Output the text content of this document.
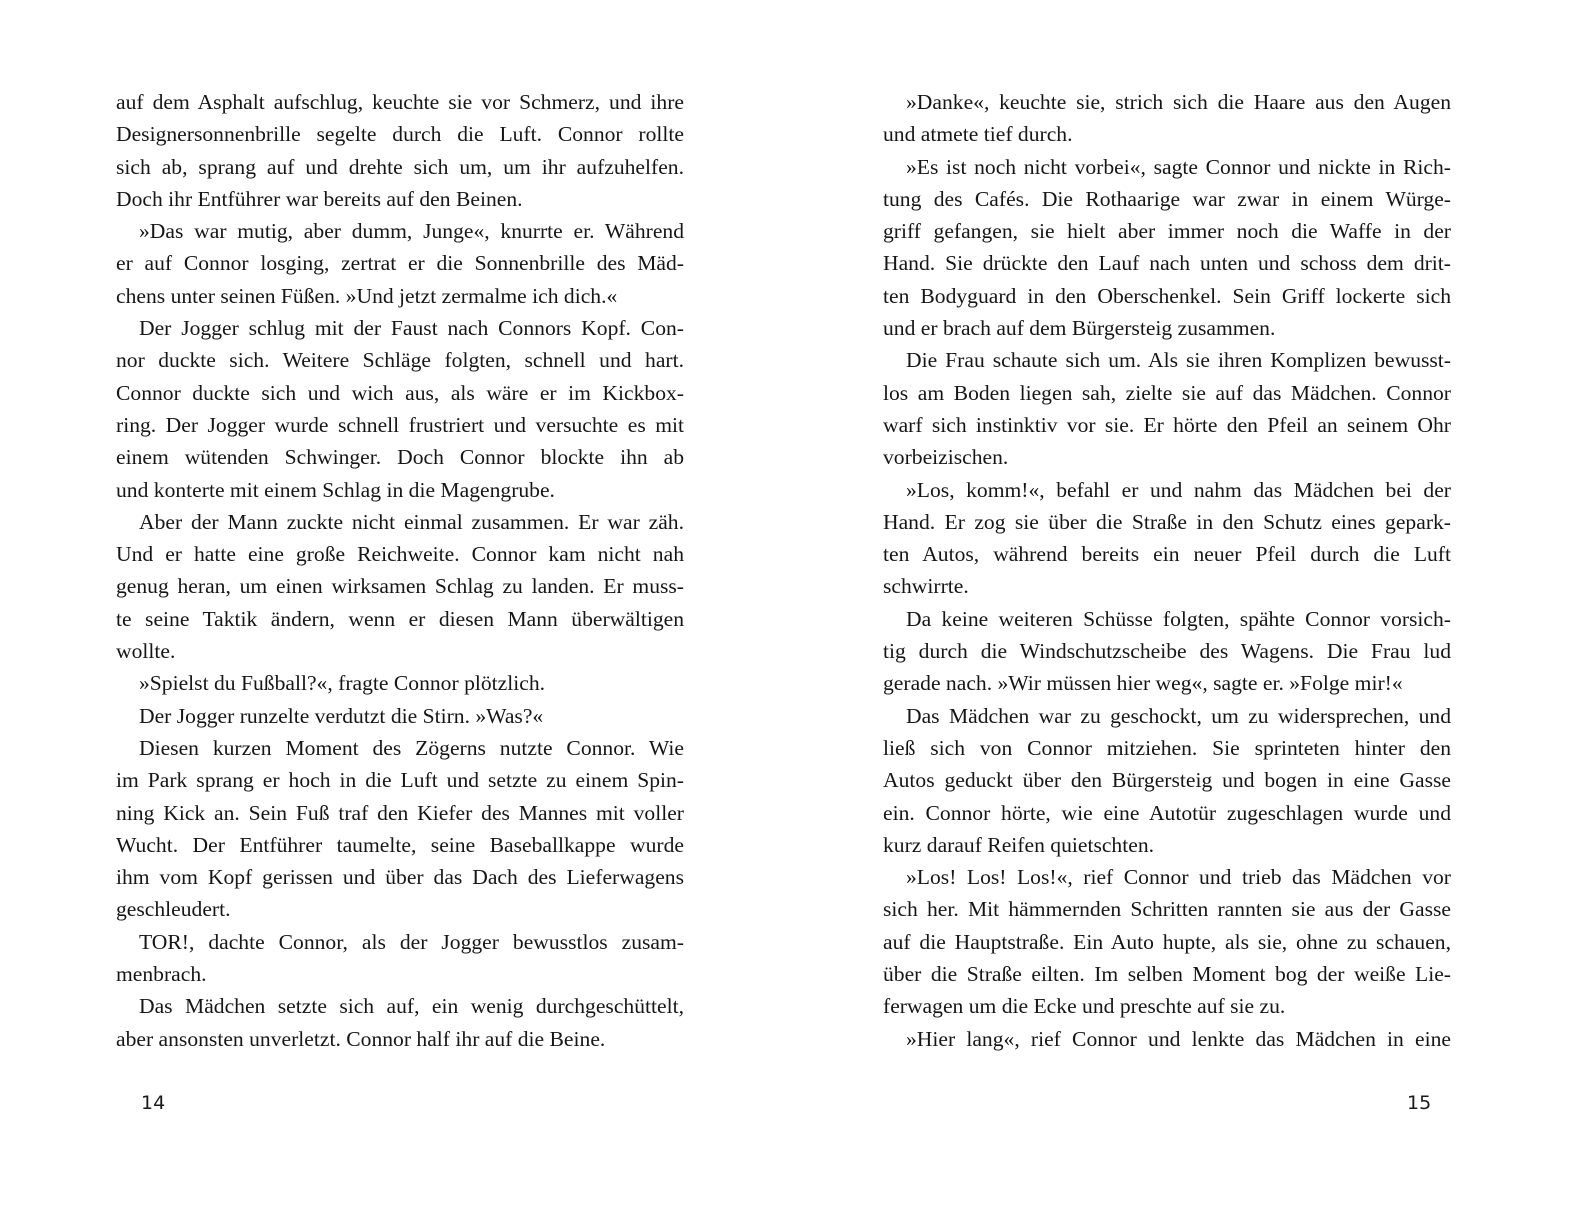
auf dem Asphalt aufschlug, keuchte sie vor Schmerz, und ihre
Designersonnenbrille segelte durch die Luft. Connor rollte
sich ab, sprang auf und drehte sich um, um ihr aufzuhelfen.
Doch ihr Entführer war bereits auf den Beinen.
»Das war mutig, aber dumm, Junge«, knurrte er. Während
er auf Connor losging, zertrat er die Sonnenbrille des Mäd-
chens unter seinen Füßen. »Und jetzt zermalme ich dich.«
Der Jogger schlug mit der Faust nach Connors Kopf. Con-
nor duckte sich. Weitere Schläge folgten, schnell und hart.
Connor duckte sich und wich aus, als wäre er im Kickbox-
ring. Der Jogger wurde schnell frustriert und versuchte es mit
einem wütenden Schwinger. Doch Connor blockte ihn ab
und konterte mit einem Schlag in die Magengrube.
Aber der Mann zuckte nicht einmal zusammen. Er war zäh.
Und er hatte eine große Reichweite. Connor kam nicht nah
genug heran, um einen wirksamen Schlag zu landen. Er muss-
te seine Taktik ändern, wenn er diesen Mann überwältigen
wollte.
»Spielst du Fußball?«, fragte Connor plötzlich.
Der Jogger runzelte verdutzt die Stirn. »Was?«
Diesen kurzen Moment des Zögerns nutzte Connor. Wie
im Park sprang er hoch in die Luft und setzte zu einem Spin-
ning Kick an. Sein Fuß traf den Kiefer des Mannes mit voller
Wucht. Der Entführer taumelte, seine Baseballkappe wurde
ihm vom Kopf gerissen und über das Dach des Lieferwagens
geschleudert.
TOR!, dachte Connor, als der Jogger bewusstlos zusam-
menbrach.
Das Mädchen setzte sich auf, ein wenig durchgeschüttelt,
aber ansonsten unverletzt. Connor half ihr auf die Beine.
»Danke«, keuchte sie, strich sich die Haare aus den Augen
und atmete tief durch.
»Es ist noch nicht vorbei«, sagte Connor und nickte in Rich-
tung des Cafés. Die Rothaarige war zwar in einem Würge-
griff gefangen, sie hielt aber immer noch die Waffe in der
Hand. Sie drückte den Lauf nach unten und schoss dem drit-
ten Bodyguard in den Oberschenkel. Sein Griff lockerte sich
und er brach auf dem Bürgersteig zusammen.
Die Frau schaute sich um. Als sie ihren Komplizen bewusst-
los am Boden liegen sah, zielte sie auf das Mädchen. Connor
warf sich instinktiv vor sie. Er hörte den Pfeil an seinem Ohr
vorbeizischen.
»Los, komm!«, befahl er und nahm das Mädchen bei der
Hand. Er zog sie über die Straße in den Schutz eines gepark-
ten Autos, während bereits ein neuer Pfeil durch die Luft
schwirrte.
Da keine weiteren Schüsse folgten, spähte Connor vorsich-
tig durch die Windschutzscheibe des Wagens. Die Frau lud
gerade nach. »Wir müssen hier weg«, sagte er. »Folge mir!«
Das Mädchen war zu geschockt, um zu widersprechen, und
ließ sich von Connor mitziehen. Sie sprinteten hinter den
Autos geduckt über den Bürgersteig und bogen in eine Gasse
ein. Connor hörte, wie eine Autotür zugeschlagen wurde und
kurz darauf Reifen quietschten.
»Los! Los! Los!«, rief Connor und trieb das Mädchen vor
sich her. Mit hämmernden Schritten rannten sie aus der Gasse
auf die Hauptstraße. Ein Auto hupte, als sie, ohne zu schauen,
über die Straße eilten. Im selben Moment bog der weiße Lie-
ferwagen um die Ecke und preschte auf sie zu.
»Hier lang«, rief Connor und lenkte das Mädchen in eine
14	15
